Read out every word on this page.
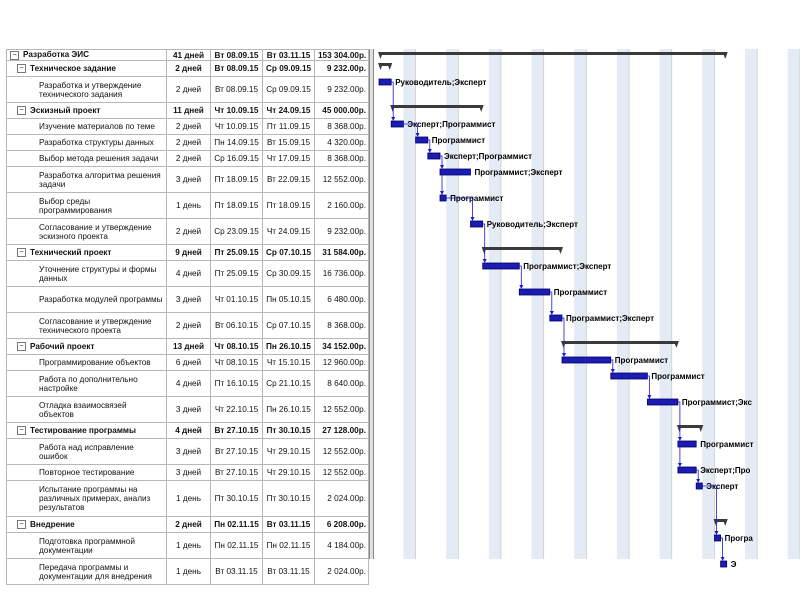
− Разработка ЭИС	41 дней	Вт 08.09.15	Вт 03.11.15	153 304.00р.
− Техническое задание	2 дней	Вт 08.09.15	Ср 09.09.15	9 232.00р.
Разработка и утверждение технического задания	2 дней	Вт 08.09.15	Ср 09.09.15	9 232.00р.
− Эскизный проект	11 дней	Чт 10.09.15	Чт 24.09.15	45 000.00р.
Изучение материалов по теме	2 дней	Чт 10.09.15	Пт 11.09.15	8 368.00р.
Разработка структуры данных	2 дней	Пн 14.09.15	Вт 15.09.15	4 320.00р.
Выбор метода решения задачи	2 дней	Ср 16.09.15	Чт 17.09.15	8 368.00р.
Разработка алгоритма решения задачи	3 дней	Пт 18.09.15	Вт 22.09.15	12 552.00р.
Выбор среды программирования	1 день	Пт 18.09.15	Пт 18.09.15	2 160.00р.
Согласование и утверждение эскизного проекта	2 дней	Ср 23.09.15	Чт 24.09.15	9 232.00р.
− Технический проект	9 дней	Пт 25.09.15	Ср 07.10.15	31 584.00р.
Уточнение структуры и формы данных	4 дней	Пт 25.09.15	Ср 30.09.15	16 736.00р.
Разработка модулей программы	3 дней	Чт 01.10.15	Пн 05.10.15	6 480.00р.
Согласование и утверждение технического проекта	2 дней	Вт 06.10.15	Ср 07.10.15	8 368.00р.
− Рабочий проект	13 дней	Чт 08.10.15	Пн 26.10.15	34 152.00р.
Программирование объектов	6 дней	Чт 08.10.15	Чт 15.10.15	12 960.00р.
Работа по дополнительно настройке	4 дней	Пт 16.10.15	Ср 21.10.15	8 640.00р.
Отладка взаимосвязей объектов	3 дней	Чт 22.10.15	Пн 26.10.15	12 552.00р.
− Тестирование программы	4 дней	Вт 27.10.15	Пт 30.10.15	27 128.00р.
Работа над исправление ошибок	3 дней	Вт 27.10.15	Чт 29.10.15	12 552.00р.
Повторное тестирование	3 дней	Вт 27.10.15	Чт 29.10.15	12 552.00р.
Испытание программы на различных примерах, анализ результатов	1 день	Пт 30.10.15	Пт 30.10.15	2 024.00р.
− Внедрение	2 дней	Пн 02.11.15	Вт 03.11.15	6 208.00р.
Подготовка программной документации	1 день	Пн 02.11.15	Пн 02.11.15	4 184.00р.
Передача программы и документации для внедрения	1 день	Вт 03.11.15	Вт 03.11.15	2 024.00р.
Руководитель;Эксперт
Эксперт;Программист
Программист
Эксперт;Программист
Программист;Эксперт
Программист
Руководитель;Эксперт
Программист;Эксперт
Программист
Программист;Эксперт
Программист
Программист
Программист;Экс
Программист
Эксперт;Про
Эксперт
Програ
Э
